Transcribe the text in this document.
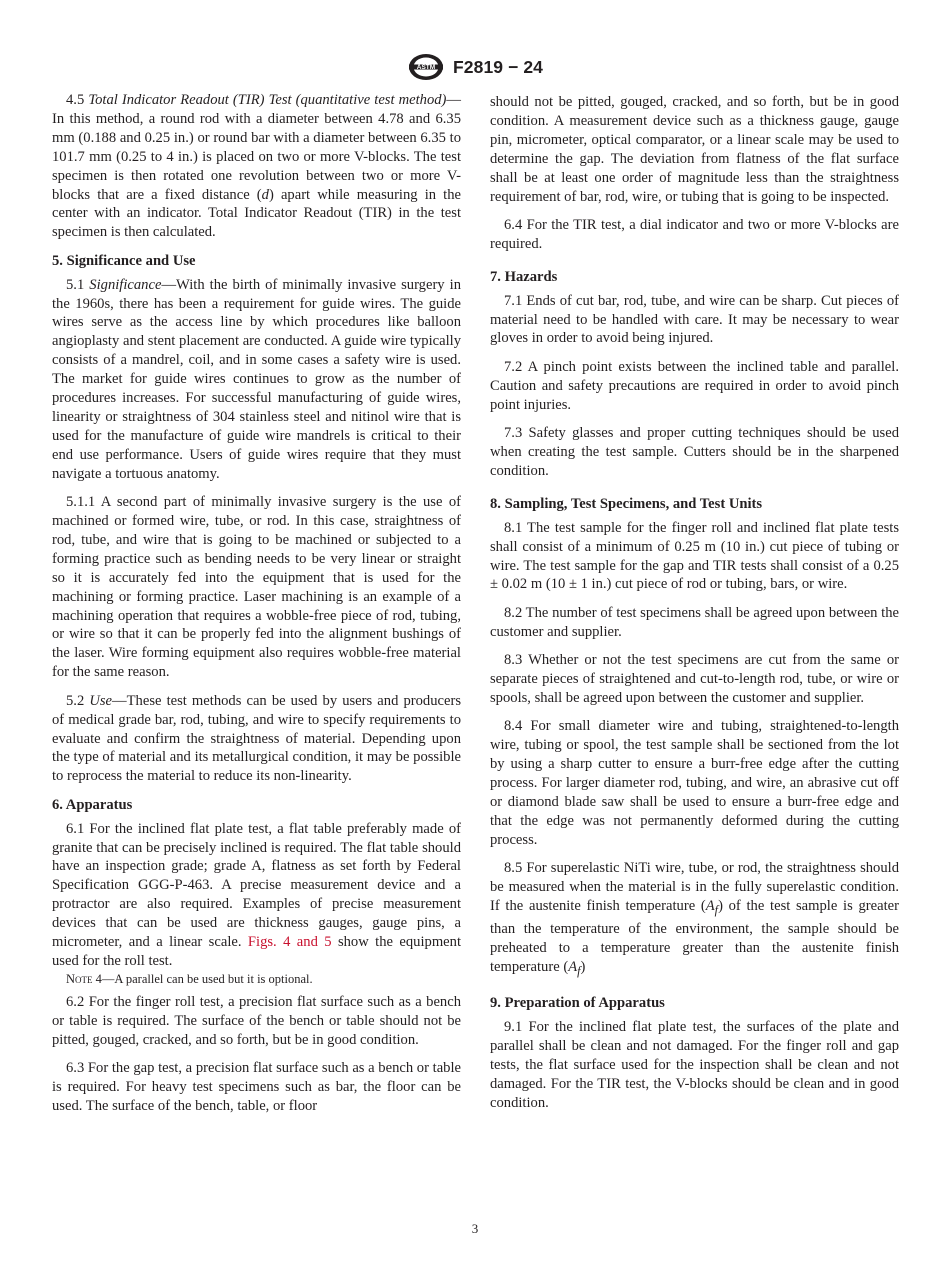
ASTM F2819 − 24

4.5 Total Indicator Readout (TIR) Test (quantitative test method)—In this method, a round rod with a diameter between 4.78 and 6.35 mm (0.188 and 0.25 in.) or round bar with a diameter between 6.35 to 101.7 mm (0.25 to 4 in.) is placed on two or more V-blocks. The test specimen is then rotated one revolution between two or more V-blocks that are a fixed distance (d) apart while measuring in the center with an indicator. Total Indicator Readout (TIR) in the test specimen is then calculated.

5. Significance and Use

5.1 Significance—With the birth of minimally invasive surgery in the 1960s, there has been a requirement for guide wires. The guide wires serve as the access line by which procedures like balloon angioplasty and stent placement are conducted. A guide wire typically consists of a mandrel, coil, and in some cases a safety wire is used. The market for guide wires continues to grow as the number of procedures increases. For successful manufacturing of guide wires, linearity or straightness of 304 stainless steel and nitinol wire that is used for the manufacture of guide wire mandrels is critical to their end use performance. Users of guide wires require that they must navigate a tortuous anatomy.

5.1.1 A second part of minimally invasive surgery is the use of machined or formed wire, tube, or rod. In this case, straightness of rod, tube, and wire that is going to be machined or subjected to a forming practice such as bending needs to be very linear or straight so it is accurately fed into the equipment that is used for the machining or forming practice. Laser machining is an example of a machining operation that requires a wobble-free piece of rod, tubing, or wire so that it can be properly fed into the alignment bushings of the laser. Wire forming equipment also requires wobble-free material for the same reason.

5.2 Use—These test methods can be used by users and producers of medical grade bar, rod, tubing, and wire to specify requirements to evaluate and confirm the straightness of material. Depending upon the type of material and its metallurgical condition, it may be possible to reprocess the material to reduce its non-linearity.

6. Apparatus

6.1 For the inclined flat plate test, a flat table preferably made of granite that can be precisely inclined is required. The flat table should have an inspection grade; grade A, flatness as set forth by Federal Specification GGG-P-463. A precise measurement device and a protractor are also required. Examples of precise measurement devices that can be used are thickness gauges, gauge pins, a micrometer, and a linear scale. Figs. 4 and 5 show the equipment used for the roll test.

Note 4—A parallel can be used but it is optional.

6.2 For the finger roll test, a precision flat surface such as a bench or table is required. The surface of the bench or table should not be pitted, gouged, cracked, and so forth, but be in good condition.

6.3 For the gap test, a precision flat surface such as a bench or table is required. For heavy test specimens such as bar, the floor can be used. The surface of the bench, table, or floor

should not be pitted, gouged, cracked, and so forth, but be in good condition. A measurement device such as a thickness gauge, gauge pin, micrometer, optical comparator, or a linear scale may be used to determine the gap. The deviation from flatness of the flat surface shall be at least one order of magnitude less than the straightness requirement of bar, rod, wire, or tubing that is going to be inspected.

6.4 For the TIR test, a dial indicator and two or more V-blocks are required.

7. Hazards

7.1 Ends of cut bar, rod, tube, and wire can be sharp. Cut pieces of material need to be handled with care. It may be necessary to wear gloves in order to avoid being injured.

7.2 A pinch point exists between the inclined table and parallel. Caution and safety precautions are required in order to avoid pinch point injuries.

7.3 Safety glasses and proper cutting techniques should be used when creating the test sample. Cutters should be in the sharpened condition.

8. Sampling, Test Specimens, and Test Units

8.1 The test sample for the finger roll and inclined flat plate tests shall consist of a minimum of 0.25 m (10 in.) cut piece of tubing or wire. The test sample for the gap and TIR tests shall consist of a 0.25 ± 0.02 m (10 ± 1 in.) cut piece of rod or tubing, bars, or wire.

8.2 The number of test specimens shall be agreed upon between the customer and supplier.

8.3 Whether or not the test specimens are cut from the same or separate pieces of straightened and cut-to-length rod, tube, or wire or spools, shall be agreed upon between the customer and supplier.

8.4 For small diameter wire and tubing, straightened-to-length wire, tubing or spool, the test sample shall be sectioned from the lot by using a sharp cutter to ensure a burr-free edge after the cutting process. For larger diameter rod, tubing, and wire, an abrasive cut off or diamond blade saw shall be used to ensure a burr-free edge and that the edge was not permanently deformed during the cutting process.

8.5 For superelastic NiTi wire, tube, or rod, the straightness should be measured when the material is in the fully superelastic condition. If the austenite finish temperature $(A_f)$ of the test sample is greater than the temperature of the environment, the sample should be preheated to a temperature greater than the austenite finish temperature $(A_f)$

9. Preparation of Apparatus

9.1 For the inclined flat plate test, the surfaces of the plate and parallel shall be clean and not damaged. For the finger roll and gap tests, the flat surface used for the inspection shall be clean and not damaged. For the TIR test, the V-blocks should be clean and in good condition.

3
